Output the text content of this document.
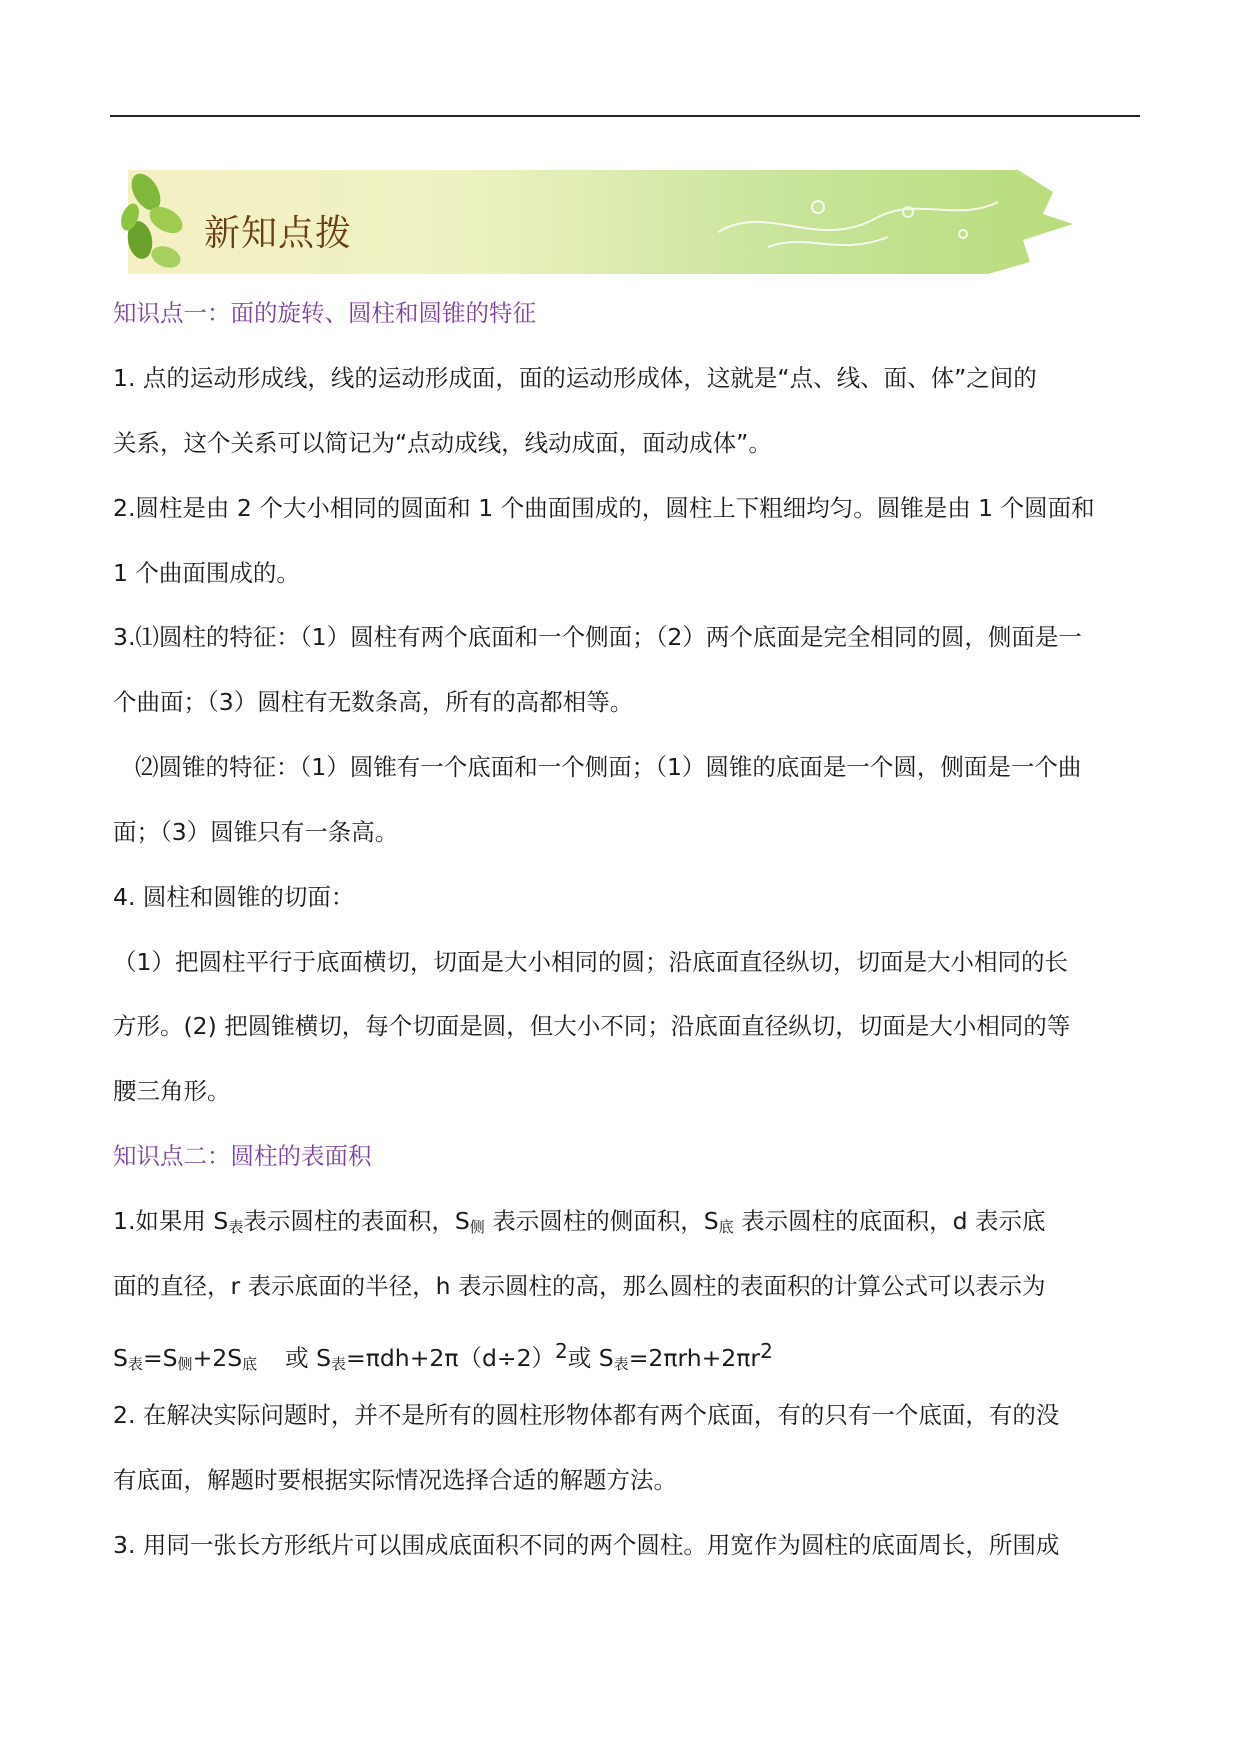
新知点拨
知识点一：面的旋转、圆柱和圆锥的特征
1. 点的运动形成线，线的运动形成面，面的运动形成体，这就是“点、线、面、体”之间的
关系，这个关系可以简记为“点动成线，线动成面，面动成体”。
2.圆柱是由 2 个大小相同的圆面和 1 个曲面围成的，圆柱上下粗细均匀。圆锥是由 1 个圆面和
1 个曲面围成的。
3.⑴圆柱的特征：（1）圆柱有两个底面和一个侧面；（2）两个底面是完全相同的圆，侧面是一
个曲面；（3）圆柱有无数条高，所有的高都相等。
⑵圆锥的特征：（1）圆锥有一个底面和一个侧面；（1）圆锥的底面是一个圆，侧面是一个曲
面；（3）圆锥只有一条高。
4. 圆柱和圆锥的切面：
（1）把圆柱平行于底面横切，切面是大小相同的圆；沿底面直径纵切，切面是大小相同的长
方形。(2) 把圆锥横切，每个切面是圆，但大小不同；沿底面直径纵切，切面是大小相同的等
腰三角形。
知识点二：圆柱的表面积
1.如果用 $S_表$表示圆柱的表面积，$S_侧$ 表示圆柱的侧面积，$S_底$ 表示圆柱的底面积，d 表示底
面的直径，r 表示底面的半径，h 表示圆柱的高，那么圆柱的表面积的计算公式可以表示为
$S_表=S_侧+2S_底$ 或 $S_表=\pi dh+2\pi(d\div 2)^2$或 $S_表=2\pi rh+2\pi r^2$
2. 在解决实际问题时，并不是所有的圆柱形物体都有两个底面，有的只有一个底面，有的没
有底面，解题时要根据实际情况选择合适的解题方法。
3. 用同一张长方形纸片可以围成底面积不同的两个圆柱。用宽作为圆柱的底面周长，所围成
